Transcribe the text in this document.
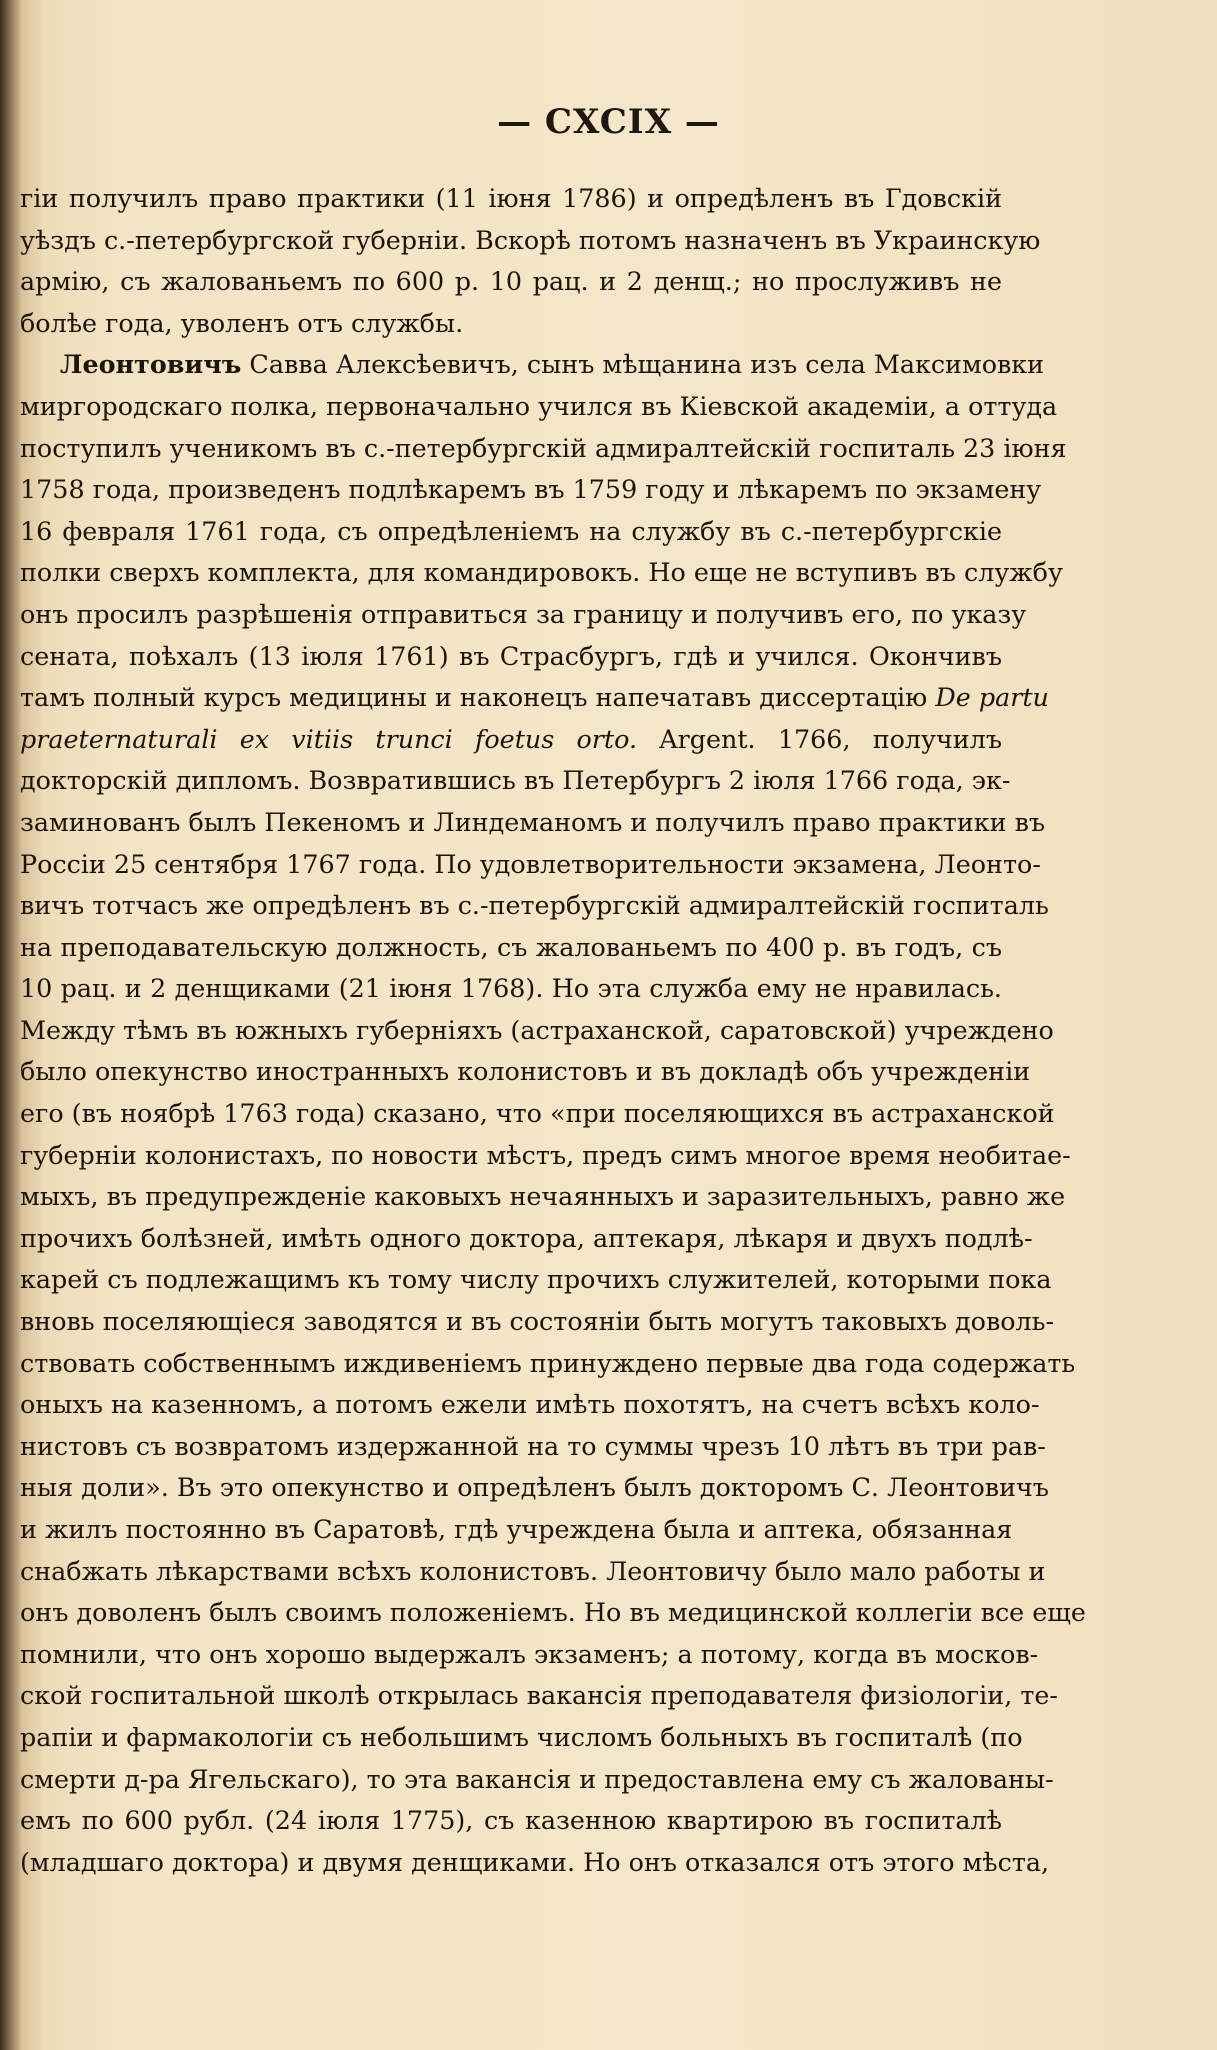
— CXCIX —
гіи получилъ право практики (11 іюня 1786) и опредѣленъ въ Гдовскій
уѣздъ с.-петербургской губерніи. Вскорѣ потомъ назначенъ въ Украинскую
армію, съ жалованьемъ по 600 р. 10 рац. и 2 денщ.; но прослуживъ не
болѣе года, уволенъ отъ службы.
Леонтовичъ Савва Алексѣевичъ, сынъ мѣщанина изъ села Максимовки
миргородскаго полка, первоначально учился въ Кіевской академіи, а оттуда
поступилъ ученикомъ въ с.-петербургскій адмиралтейскій госпиталь 23 іюня
1758 года, произведенъ подлѣкаремъ въ 1759 году и лѣкаремъ по экзамену
16 февраля 1761 года, съ опредѣленіемъ на службу въ с.-петербургскіе
полки сверхъ комплекта, для командировокъ. Но еще не вступивъ въ службу
онъ просилъ разрѣшенія отправиться за границу и получивъ его, по указу
сената, поѣхалъ (13 іюля 1761) въ Страсбургъ, гдѣ и учился. Окончивъ
тамъ полный курсъ медицины и наконецъ напечатавъ диссертацію De partu
praeternaturali ex vitiis trunci foetus orto. Argent. 1766, получилъ
докторскій дипломъ. Возвратившись въ Петербургъ 2 іюля 1766 года, эк-
заминованъ былъ Пекеномъ и Линдеманомъ и получилъ право практики въ
Россіи 25 сентября 1767 года. По удовлетворительности экзамена, Леонто-
вичъ тотчасъ же опредѣленъ въ с.-петербургскій адмиралтейскій госпиталь
на преподавательскую должность, съ жалованьемъ по 400 р. въ годъ, съ
10 рац. и 2 денщиками (21 іюня 1768). Но эта служба ему не нравилась.
Между тѣмъ въ южныхъ губерніяхъ (астраханской, саратовской) учреждено
было опекунство иностранныхъ колонистовъ и въ докладѣ объ учрежденіи
его (въ ноябрѣ 1763 года) сказано, что «при поселяющихся въ астраханской
губерніи колонистахъ, по новости мѣстъ, предъ симъ многое время необитае-
мыхъ, въ предупрежденіе каковыхъ нечаянныхъ и заразительныхъ, равно же
прочихъ болѣзней, имѣть одного доктора, аптекаря, лѣкаря и двухъ подлѣ-
карей съ подлежащимъ къ тому числу прочихъ служителей, которыми пока
вновь поселяющіеся заводятся и въ состояніи быть могутъ таковыхъ доволь-
ствовать собственнымъ иждивеніемъ принуждено первые два года содержать
оныхъ на казенномъ, а потомъ ежели имѣть похотятъ, на счетъ всѣхъ коло-
нистовъ съ возвратомъ издержанной на то суммы чрезъ 10 лѣтъ въ три рав-
ныя доли». Въ это опекунство и опредѣленъ былъ докторомъ С. Леонтовичъ
и жилъ постоянно въ Саратовѣ, гдѣ учреждена была и аптека, обязанная
снабжать лѣкарствами всѣхъ колонистовъ. Леонтовичу было мало работы и
онъ доволенъ былъ своимъ положеніемъ. Но въ медицинской коллегіи все еще
помнили, что онъ хорошо выдержалъ экзаменъ; а потому, когда въ москов-
ской госпитальной школѣ открылась вакансія преподавателя физіологіи, те-
рапіи и фармакологіи съ небольшимъ числомъ больныхъ въ госпиталѣ (по
смерти д-ра Ягельскаго), то эта вакансія и предоставлена ему съ жалованы-
емъ по 600 рубл. (24 іюля 1775), съ казенною квартирою въ госпиталѣ
(младшаго доктора) и двумя денщиками. Но онъ отказался отъ этого мѣста,
